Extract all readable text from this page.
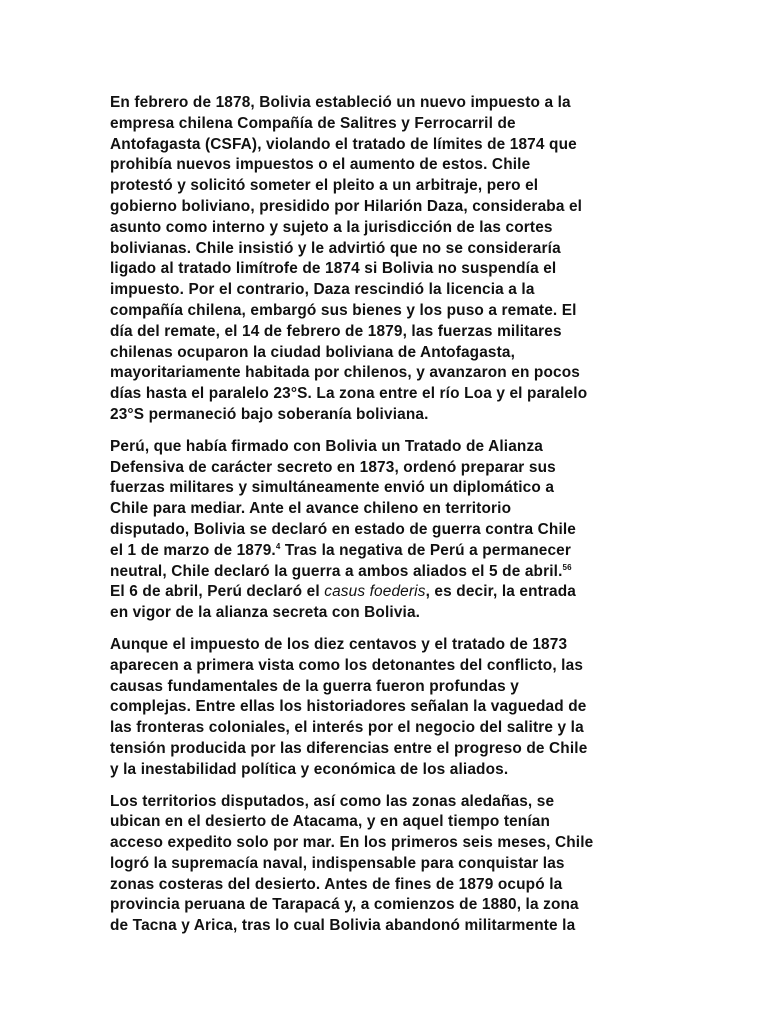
En febrero de 1878, Bolivia estableció un nuevo impuesto a la
empresa chilena Compañía de Salitres y Ferrocarril de
Antofagasta (CSFA), violando el tratado de límites de 1874 que
prohibía nuevos impuestos o el aumento de estos. Chile
protestó y solicitó someter el pleito a un arbitraje, pero el
gobierno boliviano, presidido por Hilarión Daza, consideraba el
asunto como interno y sujeto a la jurisdicción de las cortes
bolivianas. Chile insistió y le advirtió que no se consideraría
ligado al tratado limítrofe de 1874 si Bolivia no suspendía el
impuesto. Por el contrario, Daza rescindió la licencia a la
compañía chilena, embargó sus bienes y los puso a remate. El
día del remate, el 14 de febrero de 1879, las fuerzas militares
chilenas ocuparon la ciudad boliviana de Antofagasta,
mayoritariamente habitada por chilenos, y avanzaron en pocos
días hasta el paralelo 23°S. La zona entre el río Loa y el paralelo
23°S permaneció bajo soberanía boliviana.

Perú, que había firmado con Bolivia un Tratado de Alianza
Defensiva de carácter secreto en 1873, ordenó preparar sus
fuerzas militares y simultáneamente envió un diplomático a
Chile para mediar. Ante el avance chileno en territorio
disputado, Bolivia se declaró en estado de guerra contra Chile
el 1 de marzo de 1879.$^4$ Tras la negativa de Perú a permanecer
neutral, Chile declaró la guerra a ambos aliados el 5 de abril.$^{56}$
El 6 de abril, Perú declaró el casus foederis, es decir, la entrada
en vigor de la alianza secreta con Bolivia.

Aunque el impuesto de los diez centavos y el tratado de 1873
aparecen a primera vista como los detonantes del conflicto, las
causas fundamentales de la guerra fueron profundas y
complejas. Entre ellas los historiadores señalan la vaguedad de
las fronteras coloniales, el interés por el negocio del salitre y la
tensión producida por las diferencias entre el progreso de Chile
y la inestabilidad política y económica de los aliados.

Los territorios disputados, así como las zonas aledañas, se
ubican en el desierto de Atacama, y en aquel tiempo tenían
acceso expedito solo por mar. En los primeros seis meses, Chile
logró la supremacía naval, indispensable para conquistar las
zonas costeras del desierto. Antes de fines de 1879 ocupó la
provincia peruana de Tarapacá y, a comienzos de 1880, la zona
de Tacna y Arica, tras lo cual Bolivia abandonó militarmente la
